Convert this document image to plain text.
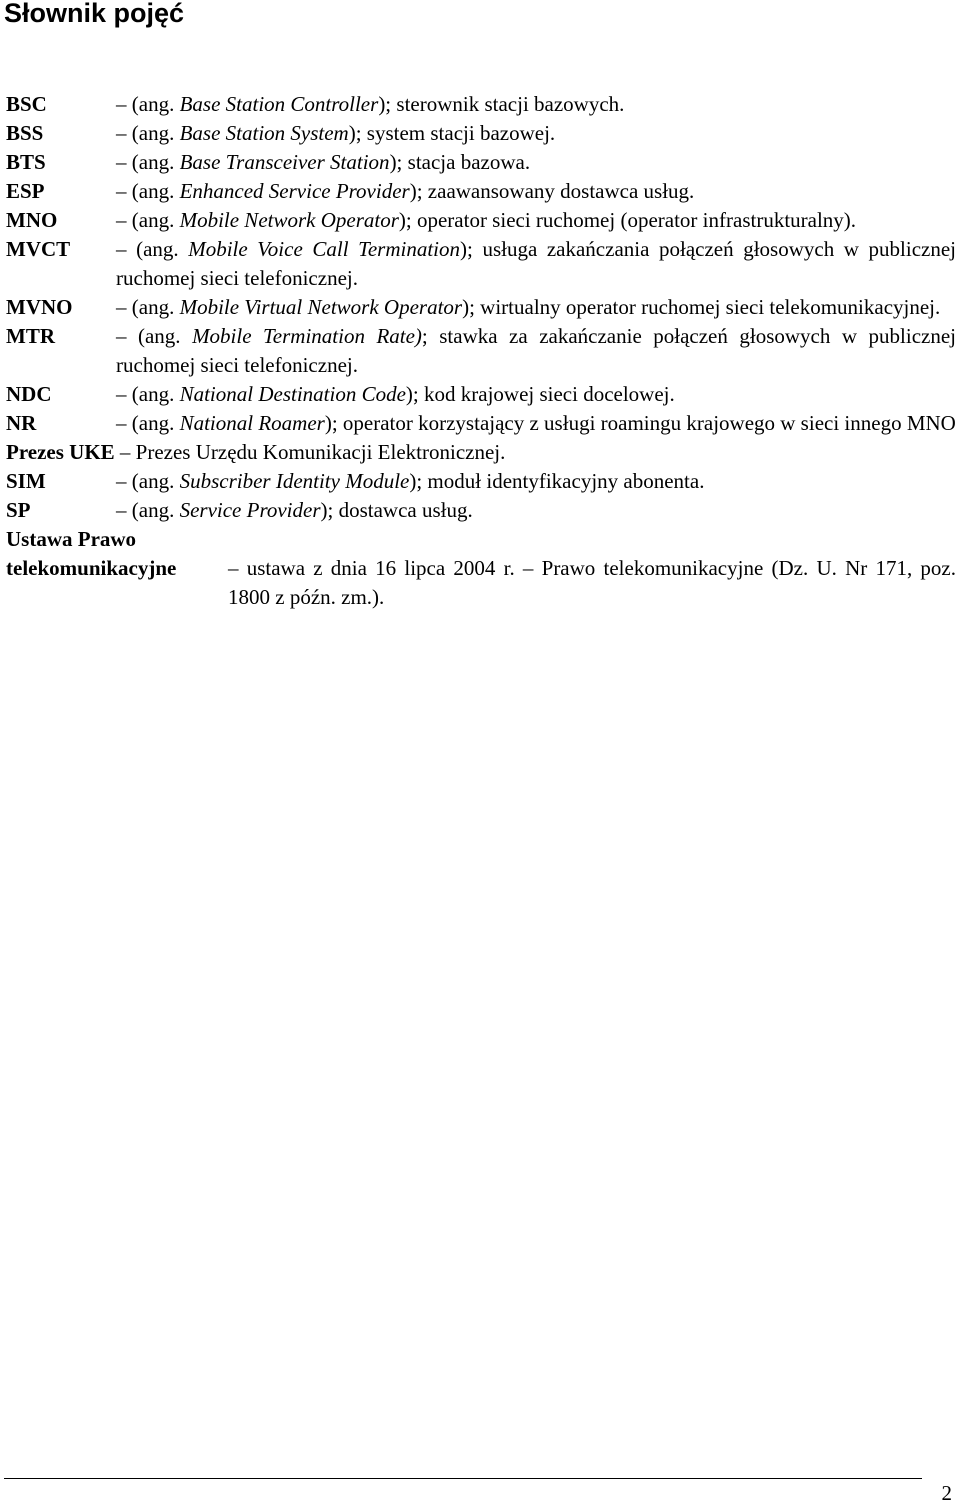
Słownik pojęć
BSC	– (ang. Base Station Controller); sterownik stacji bazowych.
BSS	– (ang. Base Station System); system stacji bazowej.
BTS	– (ang. Base Transceiver Station); stacja bazowa.
ESP	– (ang. Enhanced Service Provider); zaawansowany dostawca usług.
MNO	– (ang. Mobile Network Operator); operator sieci ruchomej (operator infrastrukturalny).
MVCT	– (ang. Mobile Voice Call Termination); usługa zakańczania połączeń głosowych w publicznej ruchomej sieci telefonicznej.
MVNO	– (ang. Mobile Virtual Network Operator); wirtualny operator ruchomej sieci telekomunikacyjnej.
MTR	– (ang. Mobile Termination Rate); stawka za zakańczanie połączeń głosowych w publicznej ruchomej sieci telefonicznej.
NDC	– (ang. National Destination Code); kod krajowej sieci docelowej.
NR	– (ang. National Roamer); operator korzystający z usługi roamingu krajowego w sieci innego MNO
Prezes UKE – Prezes Urzędu Komunikacji Elektronicznej.
SIM	– (ang. Subscriber Identity Module); moduł identyfikacyjny abonenta.
SP	– (ang. Service Provider); dostawca usług.
Ustawa Prawo
telekomunikacyjne	– ustawa z dnia 16 lipca 2004 r. – Prawo telekomunikacyjne (Dz. U. Nr 171, poz. 1800 z późn. zm.).
2
